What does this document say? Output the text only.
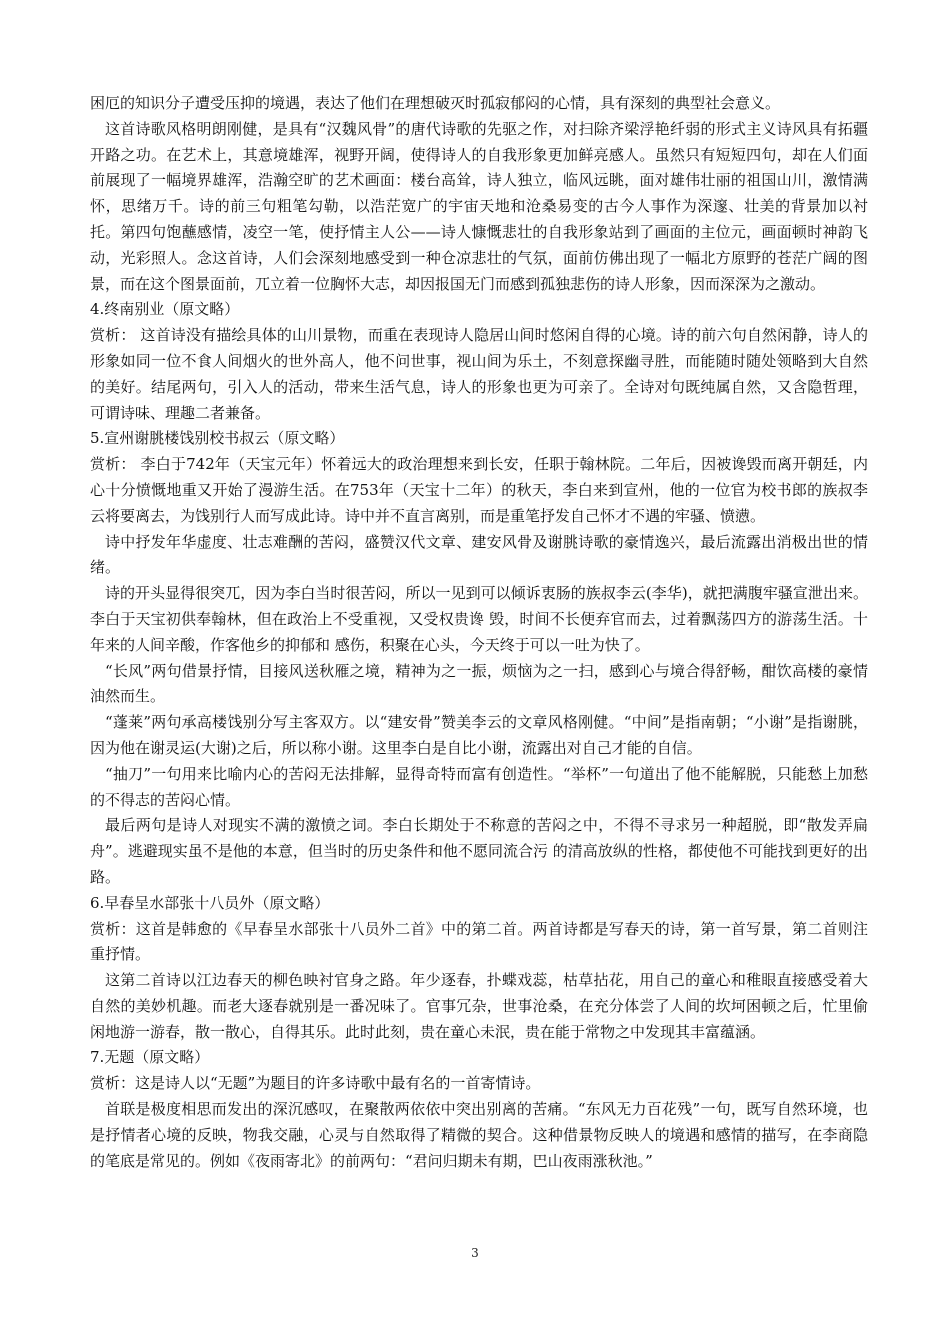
困厄的知识分子遭受压抑的境遇，表达了他们在理想破灭时孤寂郁闷的心情，具有深刻的典型社会意义。

这首诗歌风格明朗刚健，是具有“汉魏风骨”的唐代诗歌的先驱之作，对扫除齐梁浮艳纤弱的形式主义诗风具有拓疆开路之功。在艺术上，其意境雄浑，视野开阔，使得诗人的自我形象更加鲜亮感人。虽然只有短短四句，却在人们面前展现了一幅境界雄浑，浩瀚空旷的艺术画面：楼台高耸，诗人独立，临风远眺，面对雄伟壮丽的祖国山川，激情满怀，思绪万千。诗的前三句粗笔勾勒，以浩茫宽广的宇宙天地和沧桑易变的古今人事作为深邃、壮美的背景加以衬托。第四句饱蘸感情，凌空一笔，使抒情主人公——诗人慷慨悲壮的自我形象站到了画面的主位元，画面顿时神韵飞动，光彩照人。念这首诗，人们会深刻地感受到一种仓凉悲壮的气氛，面前仿佛出现了一幅北方原野的苍茫广阔的图景，而在这个图景面前，兀立着一位胸怀大志，却因报国无门而感到孤独悲伤的诗人形象，因而深深为之激动。

4.终南别业（原文略）

赏析： 这首诗没有描绘具体的山川景物，而重在表现诗人隐居山间时悠闲自得的心境。诗的前六句自然闲静，诗人的形象如同一位不食人间烟火的世外高人，他不问世事，视山间为乐土，不刻意探幽寻胜，而能随时随处领略到大自然的美好。结尾两句，引入人的活动，带来生活气息，诗人的形象也更为可亲了。全诗对句既纯属自然，又含隐哲理，可谓诗味、理趣二者兼备。

5.宣州谢朓楼饯别校书叔云（原文略）

赏析： 李白于742年（天宝元年）怀着远大的政治理想来到长安，任职于翰林院。二年后，因被谗毁而离开朝廷，内心十分愤慨地重又开始了漫游生活。在753年（天宝十二年）的秋天，李白来到宣州，他的一位官为校书郎的族叔李云将要离去，为饯别行人而写成此诗。诗中并不直言离别，而是重笔抒发自己怀才不遇的牢骚、愤懑。

诗中抒发年华虚度、壮志难酬的苦闷，盛赞汉代文章、建安风骨及谢朓诗歌的豪情逸兴，最后流露出消极出世的情绪。

诗的开头显得很突兀，因为李白当时很苦闷，所以一见到可以倾诉衷肠的族叔李云(李华)，就把满腹牢骚宣泄出来。李白于天宝初供奉翰林，但在政治上不受重视，又受权贵谗 毁，时间不长便弃官而去，过着飘荡四方的游荡生活。十年来的人间辛酸，作客他乡的抑郁和 感伤，积聚在心头，今天终于可以一吐为快了。

“长风”两句借景抒情，目接风送秋雁之境，精神为之一振，烦恼为之一扫，感到心与境合得舒畅，酣饮高楼的豪情油然而生。

“蓬莱”两句承高楼饯别分写主客双方。以“建安骨”赞美李云的文章风格刚健。“中间”是指南朝；“小谢”是指谢朓，因为他在谢灵运(大谢)之后，所以称小谢。这里李白是自比小谢，流露出对自己才能的自信。

“抽刀”一句用来比喻内心的苦闷无法排解，显得奇特而富有创造性。“举杯”一句道出了他不能解脱，只能愁上加愁的不得志的苦闷心情。

最后两句是诗人对现实不满的激愤之词。李白长期处于不称意的苦闷之中，不得不寻求另一种超脱，即“散发弄扁舟”。逃避现实虽不是他的本意，但当时的历史条件和他不愿同流合污 的清高放纵的性格，都使他不可能找到更好的出路。

6.早春呈水部张十八员外（原文略）

赏析：这首是韩愈的《早春呈水部张十八员外二首》中的第二首。两首诗都是写春天的诗，第一首写景，第二首则注重抒情。

这第二首诗以江边春天的柳色映衬官身之路。年少逐春，扑蝶戏蕊，枯草拈花，用自己的童心和稚眼直接感受着大自然的美妙机趣。而老大逐春就别是一番况味了。官事冗杂，世事沧桑，在充分体尝了人间的坎坷困顿之后，忙里偷闲地游一游春，散一散心，自得其乐。此时此刻，贵在童心未泯，贵在能于常物之中发现其丰富蕴涵。

7.无题（原文略）

赏析：这是诗人以“无题”为题目的许多诗歌中最有名的一首寄情诗。

首联是极度相思而发出的深沉感叹，在聚散两依依中突出别离的苦痛。“东风无力百花残”一句，既写自然环境，也是抒情者心境的反映，物我交融，心灵与自然取得了精微的契合。这种借景物反映人的境遇和感情的描写，在李商隐的笔底是常见的。例如《夜雨寄北》的前两句：“君问归期未有期，巴山夜雨涨秋池。”

3
